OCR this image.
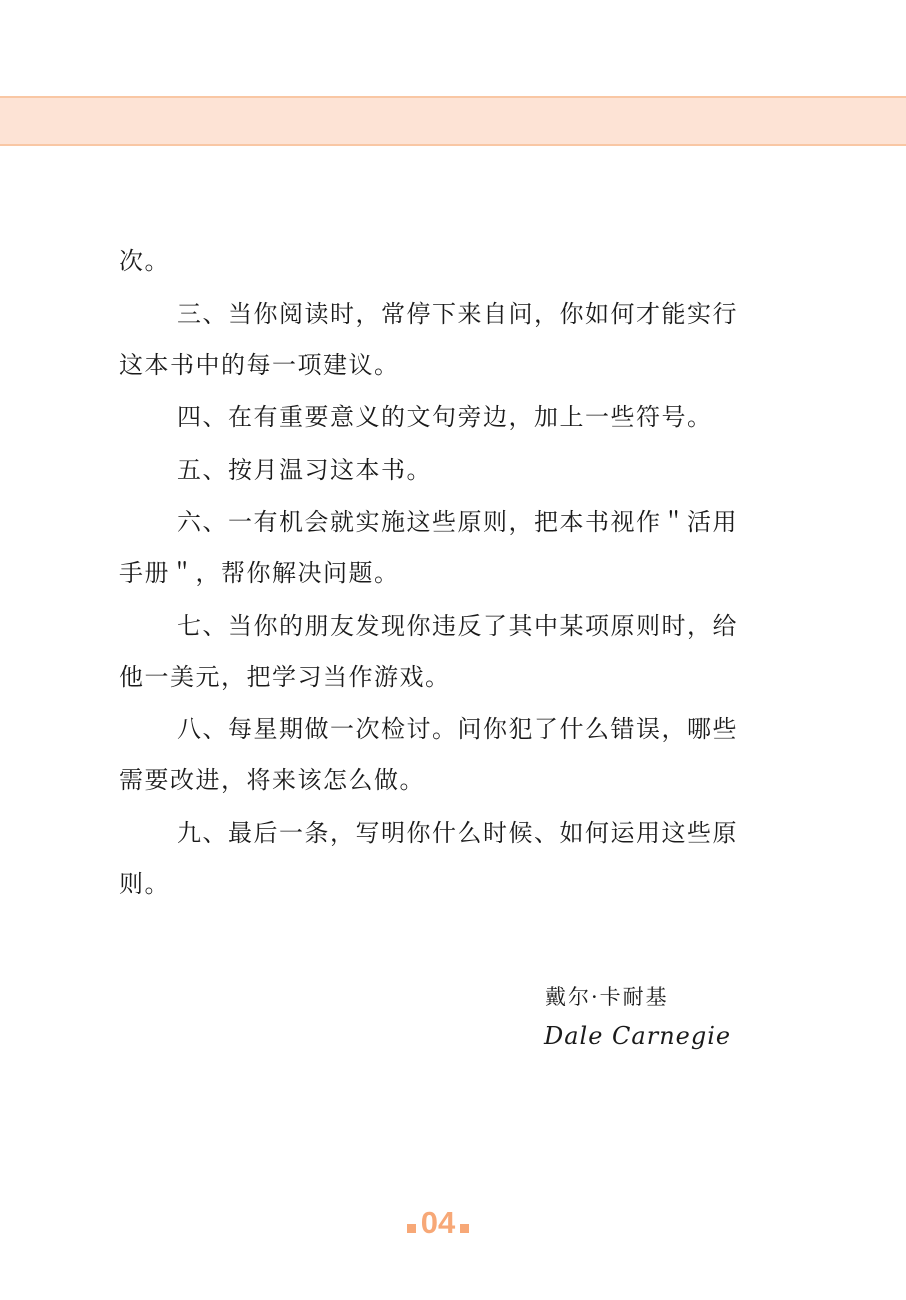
次。

三、当你阅读时，常停下来自问，你如何才能实行这本书中的每一项建议。

四、在有重要意义的文句旁边，加上一些符号。

五、按月温习这本书。

六、一有机会就实施这些原则，把本书视作＂活用手册＂，帮你解决问题。

七、当你的朋友发现你违反了其中某项原则时，给他一美元，把学习当作游戏。

八、每星期做一次检讨。问你犯了什么错误，哪些需要改进，将来该怎么做。

九、最后一条，写明你什么时候、如何运用这些原则。

戴尔·卡耐基
Dale Carnegie
04
